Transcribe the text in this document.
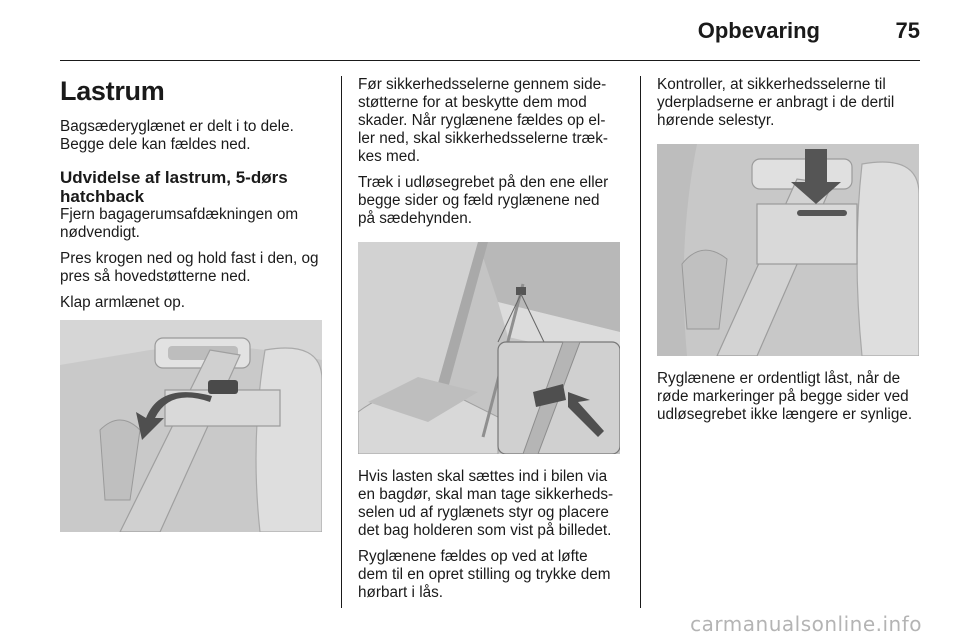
Opbevaring	75
Lastrum

Bagsæderyglænet er delt i to dele. Begge dele kan fældes ned.

Udvidelse af lastrum, 5-dørs hatchback

Fjern bagagerumsafdækningen om nødvendigt.

Pres krogen ned og hold fast i den, og pres så hovedstøtterne ned.

Klap armlænet op.

Før sikkerhedsselerne gennem side-støtterne for at beskytte dem mod skader. Når ryglænene fældes op el-ler ned, skal sikkerhedsselerne træk-kes med.

Træk i udløsegrebet på den ene eller begge sider og fæld ryglænene ned på sædehynden.

Hvis lasten skal sættes ind i bilen via en bagdør, skal man tage sikkerheds-selen ud af ryglænets styr og placere det bag holderen som vist på billedet.

Ryglænene fældes op ved at løfte dem til en opret stilling og trykke dem hørbart i lås.

Kontroller, at sikkerhedsselerne til yderpladserne er anbragt i de dertil hørende selestyr.

Ryglænene er ordentligt låst, når de røde markeringer på begge sider ved udløsegrebet ikke længere er synlige.

carmanualsonline.info
